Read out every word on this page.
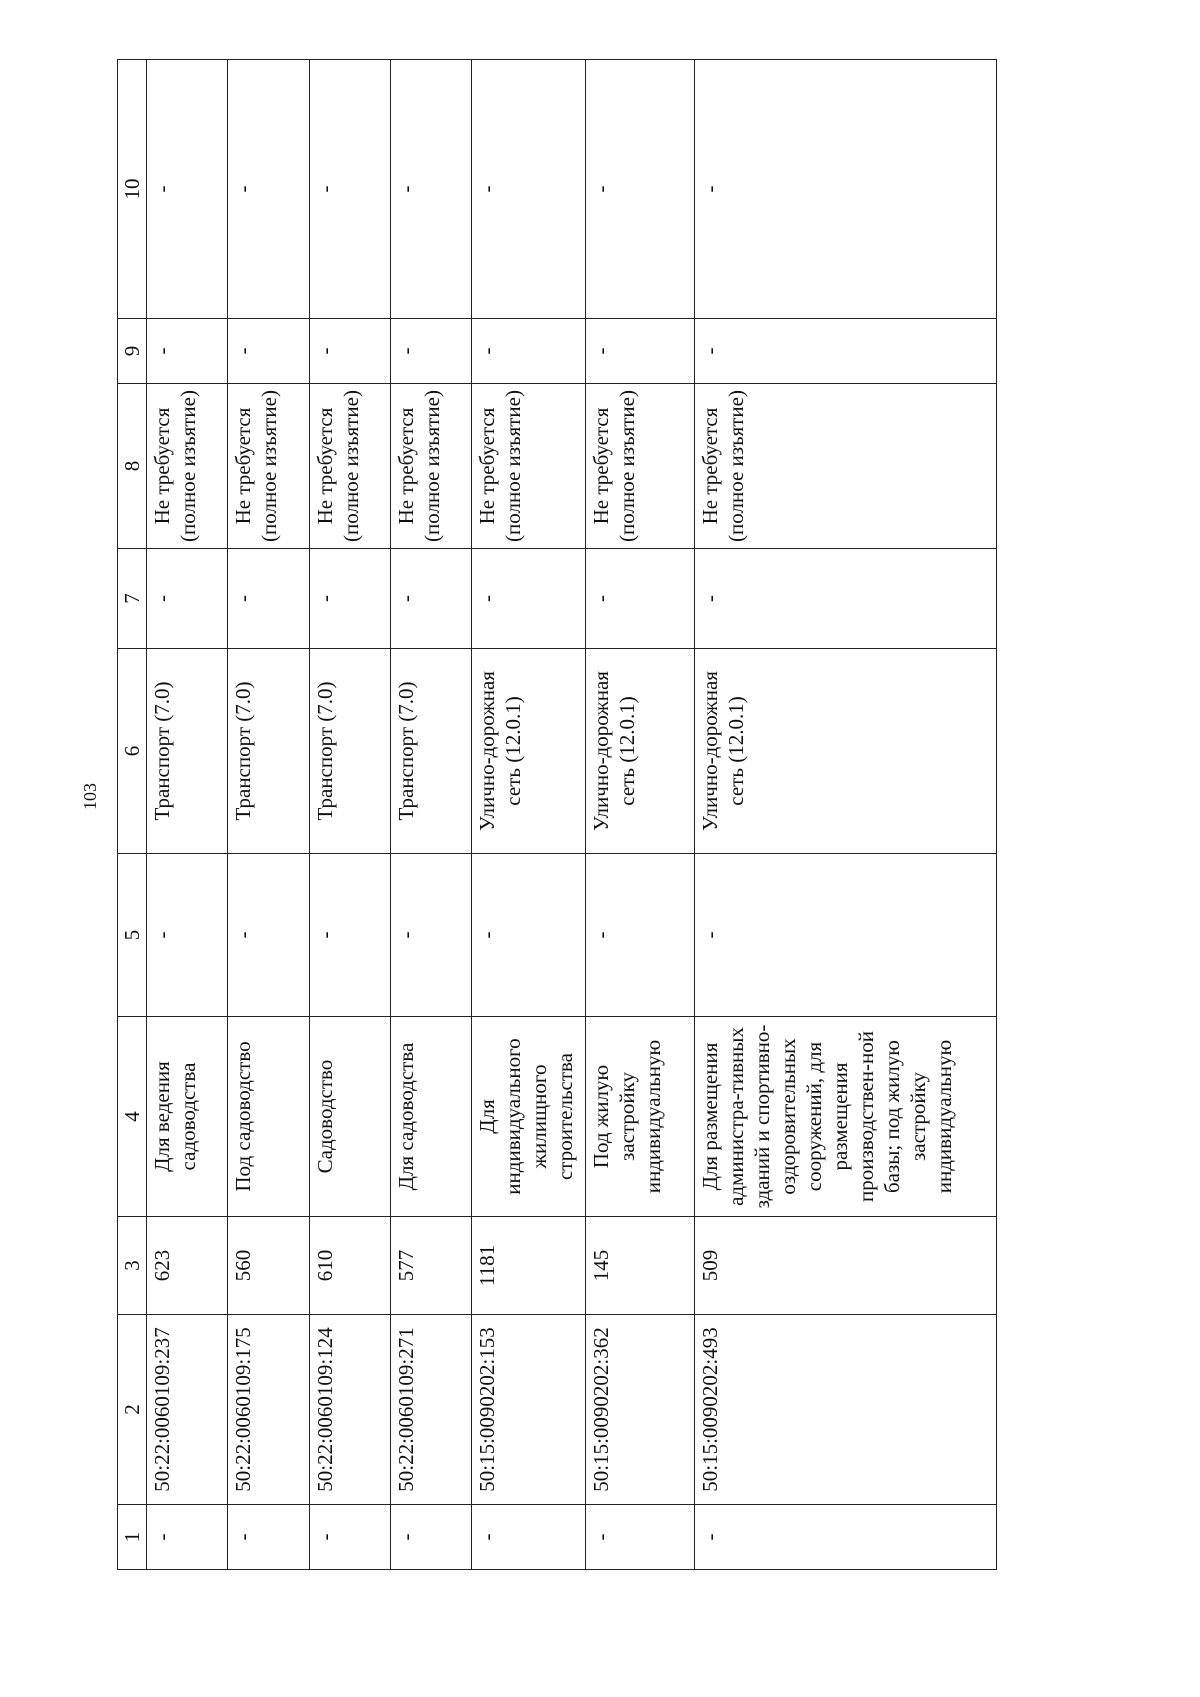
103
1	2	3	4	5	6	7	8	9	10
-	50:22:0060109:237	623	Для ведения садоводства	-	Транспорт (7.0)	-	Не требуется (полное изъятие)	-	-
-	50:22:0060109:175	560	Под садоводство	-	Транспорт (7.0)	-	Не требуется (полное изъятие)	-	-
-	50:22:0060109:124	610	Садоводство	-	Транспорт (7.0)	-	Не требуется (полное изъятие)	-	-
-	50:22:0060109:271	577	Для садоводства	-	Транспорт (7.0)	-	Не требуется (полное изъятие)	-	-
-	50:15:0090202:153	1181	Для индивидуального жилищного строительства	-	Улично-дорожная сеть (12.0.1)	-	Не требуется (полное изъятие)	-	-
-	50:15:0090202:362	145	Под жилую застройку индивидуальную	-	Улично-дорожная сеть (12.0.1)	-	Не требуется (полное изъятие)	-	-
-	50:15:0090202:493	509	Для размещения администра-тивных зданий и спортивно-оздоровительных сооружений, для размещения производствен-ной базы; под жилую застройку индивидуальную	-	Улично-дорожная сеть (12.0.1)	-	Не требуется (полное изъятие)	-	-
